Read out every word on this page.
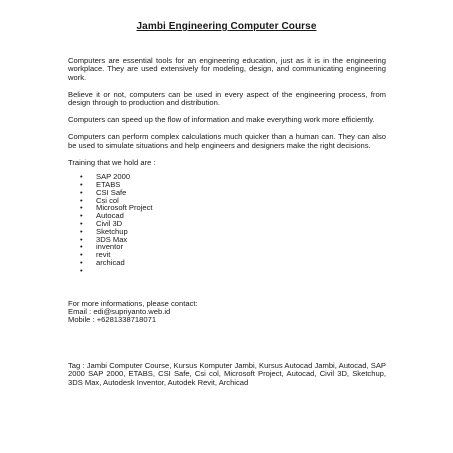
Jambi Engineering Computer Course

Computers are essential tools for an engineering education, just as it is in the engineering workplace. They are used extensively for modeling, design, and communicating engineering work.

Believe it or not, computers can be used in every aspect of the engineering process, from design through to production and distribution.

Computers can speed up the flow of information and make everything work more efficiently.

Computers can perform complex calculations much quicker than a human can. They can also be used to simulate situations and help engineers and designers make the right decisions.

Training that we hold are :

• SAP 2000
• ETABS
• CSI Safe
• Csi col
• Microsoft Project
• Autocad
• Civil 3D
• Sketchup
• 3DS Max
• inventor
• revit
• archicad
•
For more informations, please contact:
Email : edi@supriyanto.web.id
Mobile : +6281338718071

Tag : Jambi Computer Course, Kursus Komputer Jambi, Kursus Autocad Jambi, Autocad, SAP 2000 SAP 2000, ETABS, CSI Safe, Csi col, Microsoft Project, Autocad, Civil 3D, Sketchup, 3DS Max, Autodesk Inventor, Autodek Revit, Archicad
